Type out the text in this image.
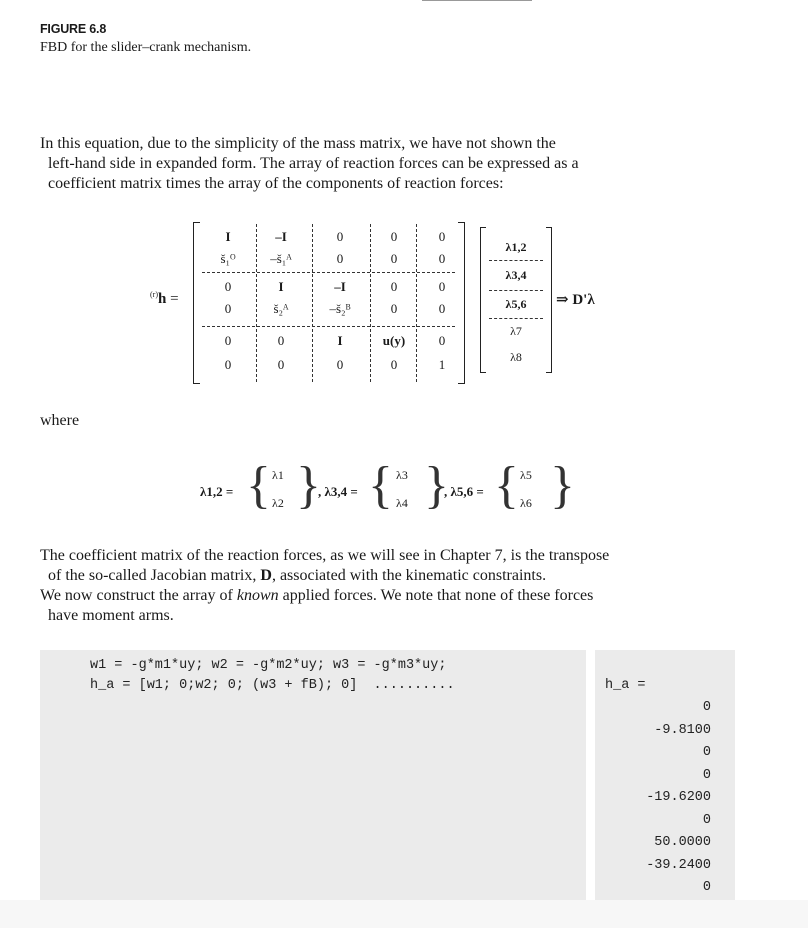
FIGURE 6.8
FBD for the slider–crank mechanism.
In this equation, due to the simplicity of the mass matrix, we have not shown the
left-hand side in expanded form. The array of reaction forces can be expressed as a
coefficient matrix times the array of the components of reaction forces:
$^{(r)}$h =
I	–I	0	0	0
š₁ᴼ	–š₁ᴬ	0	0	0
0	I	–I	0	0
0	š₂ᴬ	–š₂ᴮ	0	0
0	0	I	u(y)	0
0	0	0	0	1
λ1,2
λ3,4
λ5,6
λ7
λ8
⇒ D'λ
where
λ1,2 = { λ1
λ2 }
, λ3,4 = { λ3
λ4 }
, λ5,6 = { λ5
λ6 }
The coefficient matrix of the reaction forces, as we will see in Chapter 7, is the transpose
of the so-called Jacobian matrix, D, associated with the kinematic constraints.
We now construct the array of known applied forces. We note that none of these forces
have moment arms.
w1 = -g*m1*uy; w2 = -g*m2*uy; w3 = -g*m3*uy;
h_a = [w1; 0;w2; 0; (w3 + fB); 0]  ..........	h_a =
0
-9.8100
0
0
-19.6200
0
50.0000
-39.2400
0
